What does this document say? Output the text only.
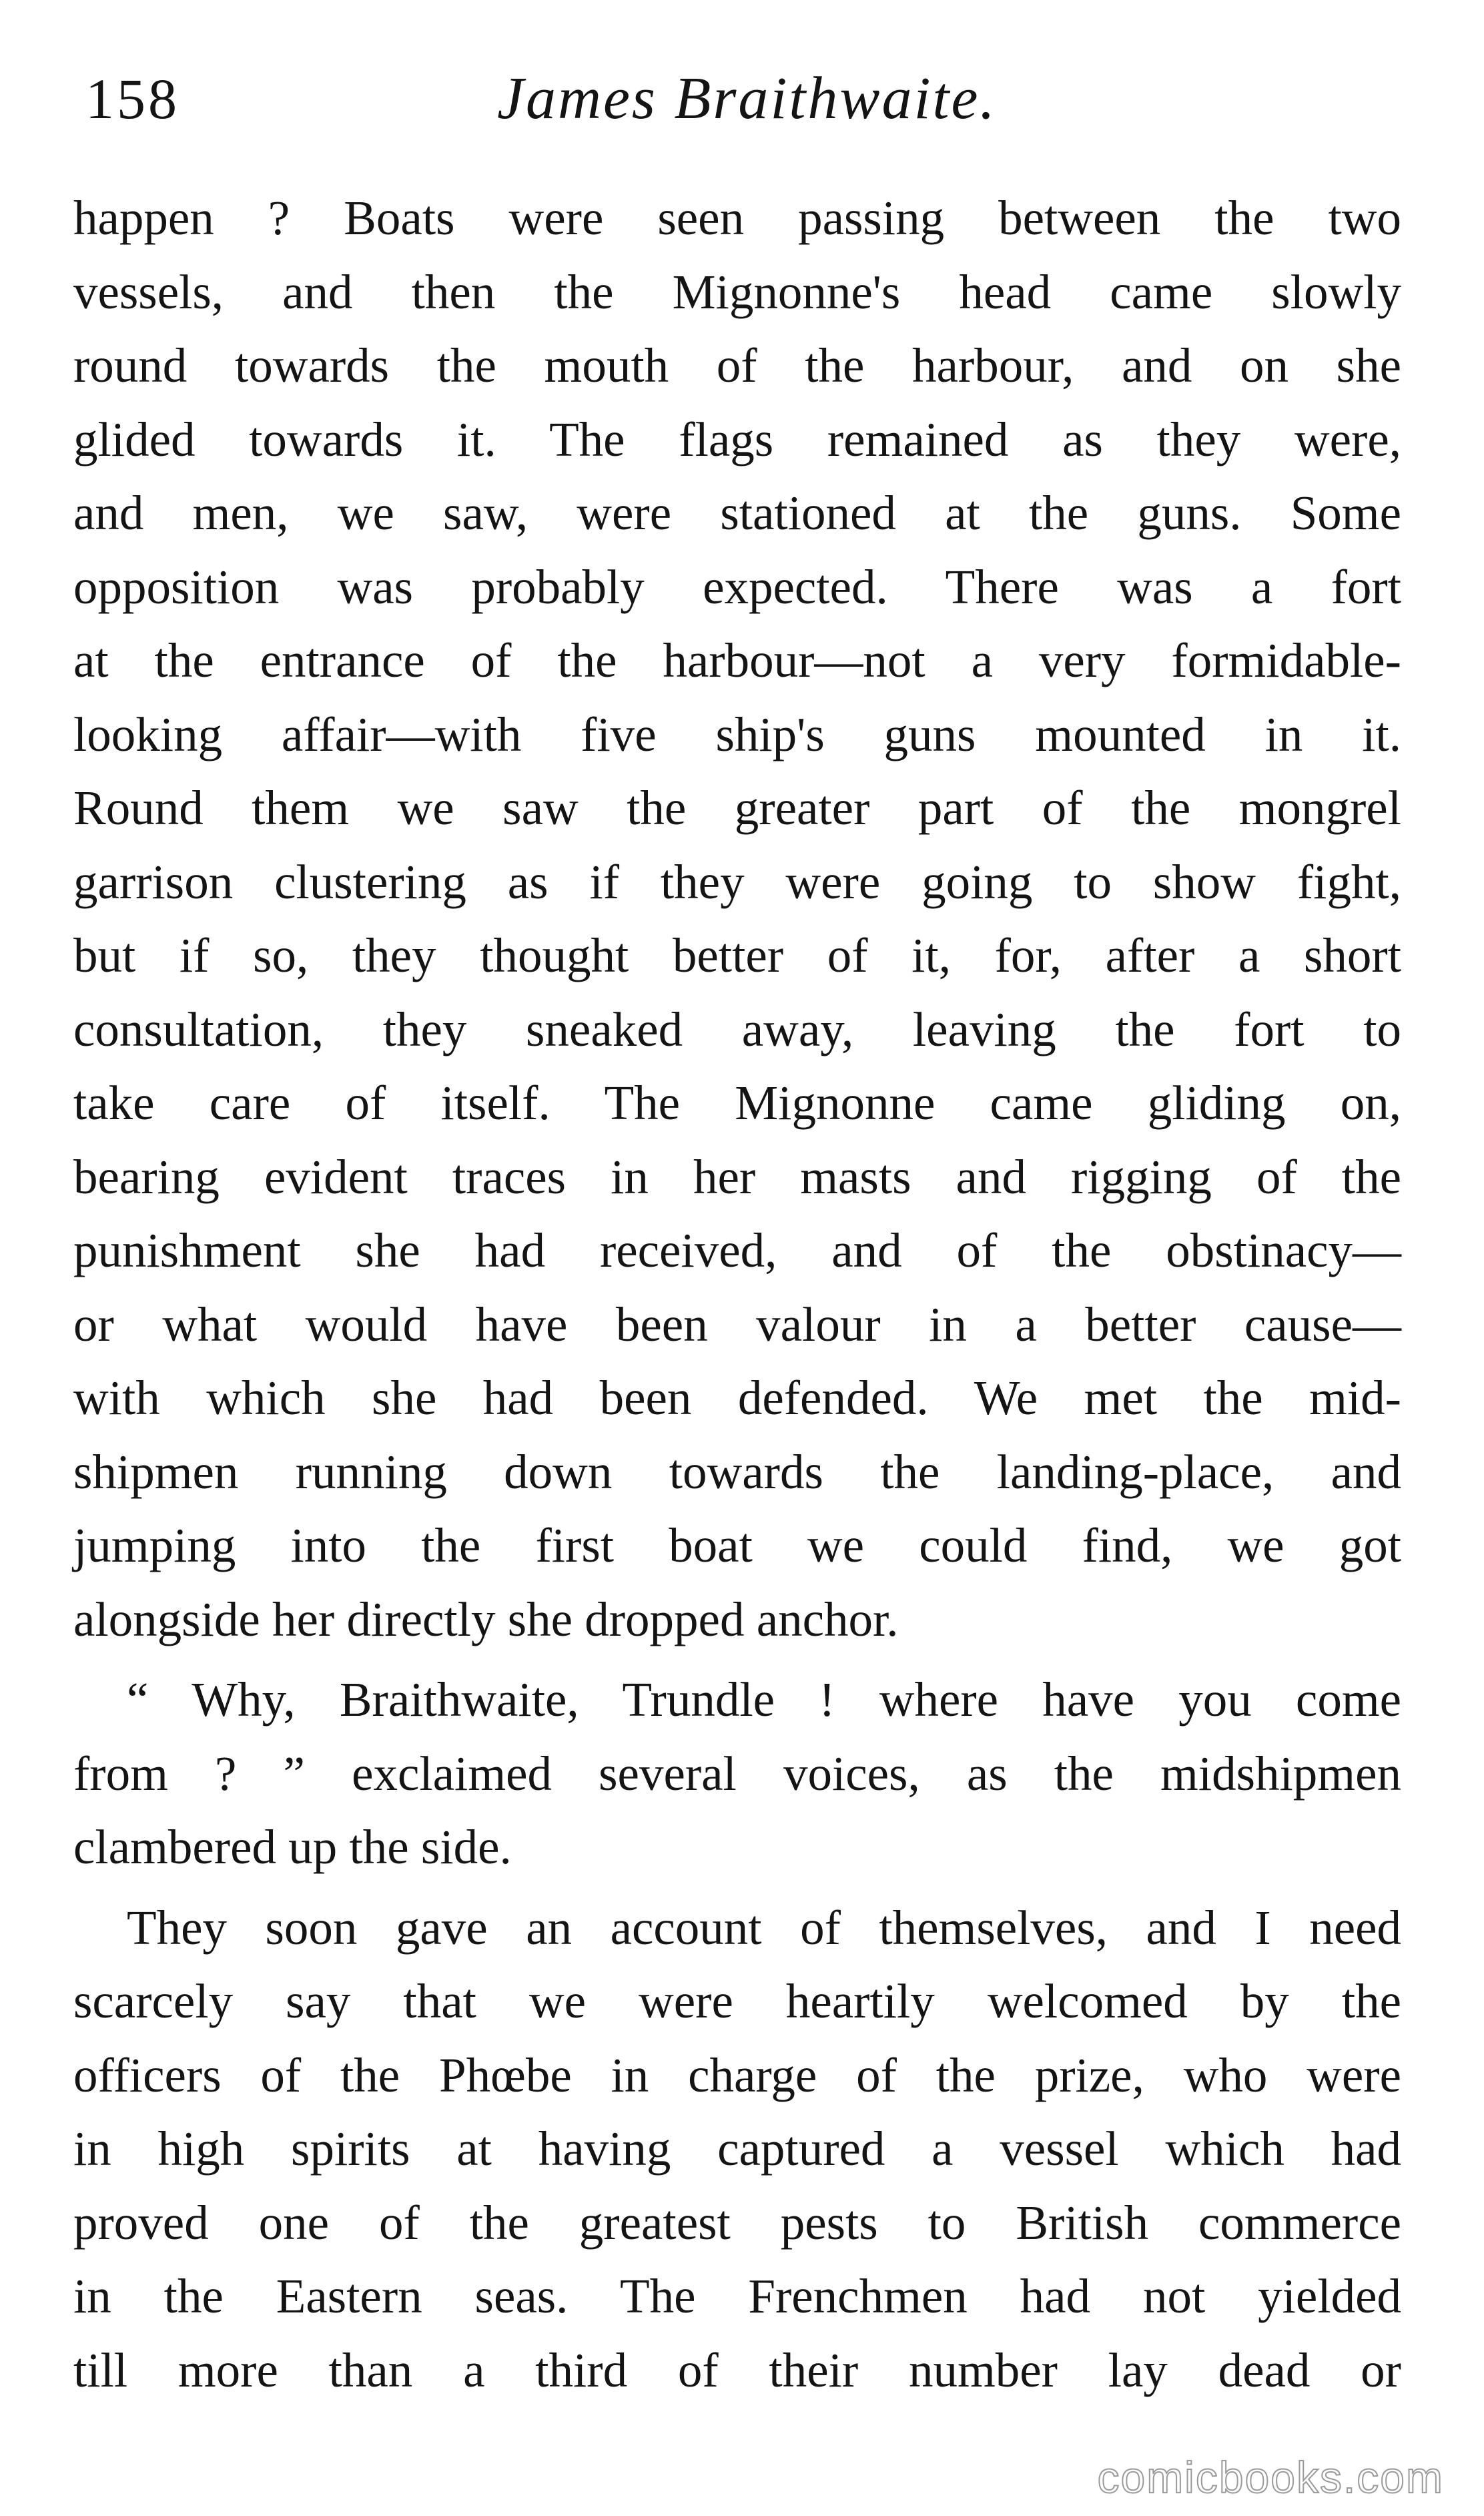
158	James Braithwaite.
happen ? Boats were seen passing between the two
vessels, and then the Mignonne's head came slowly
round towards the mouth of the harbour, and on she
glided towards it. The flags remained as they were,
and men, we saw, were stationed at the guns. Some
opposition was probably expected. There was a fort
at the entrance of the harbour—not a very formidable-
looking affair—with five ship's guns mounted in it.
Round them we saw the greater part of the mongrel
garrison clustering as if they were going to show fight,
but if so, they thought better of it, for, after a short
consultation, they sneaked away, leaving the fort to
take care of itself. The Mignonne came gliding on,
bearing evident traces in her masts and rigging of the
punishment she had received, and of the obstinacy—
or what would have been valour in a better cause—
with which she had been defended. We met the mid-
shipmen running down towards the landing-place, and
jumping into the first boat we could find, we got
alongside her directly she dropped anchor.
“ Why, Braithwaite, Trundle ! where have you come
from ? ” exclaimed several voices, as the midshipmen
clambered up the side.
They soon gave an account of themselves, and I need
scarcely say that we were heartily welcomed by the
officers of the Phœbe in charge of the prize, who were
in high spirits at having captured a vessel which had
proved one of the greatest pests to British commerce
in the Eastern seas. The Frenchmen had not yielded
till more than a third of their number lay dead or
comicbooks.com
